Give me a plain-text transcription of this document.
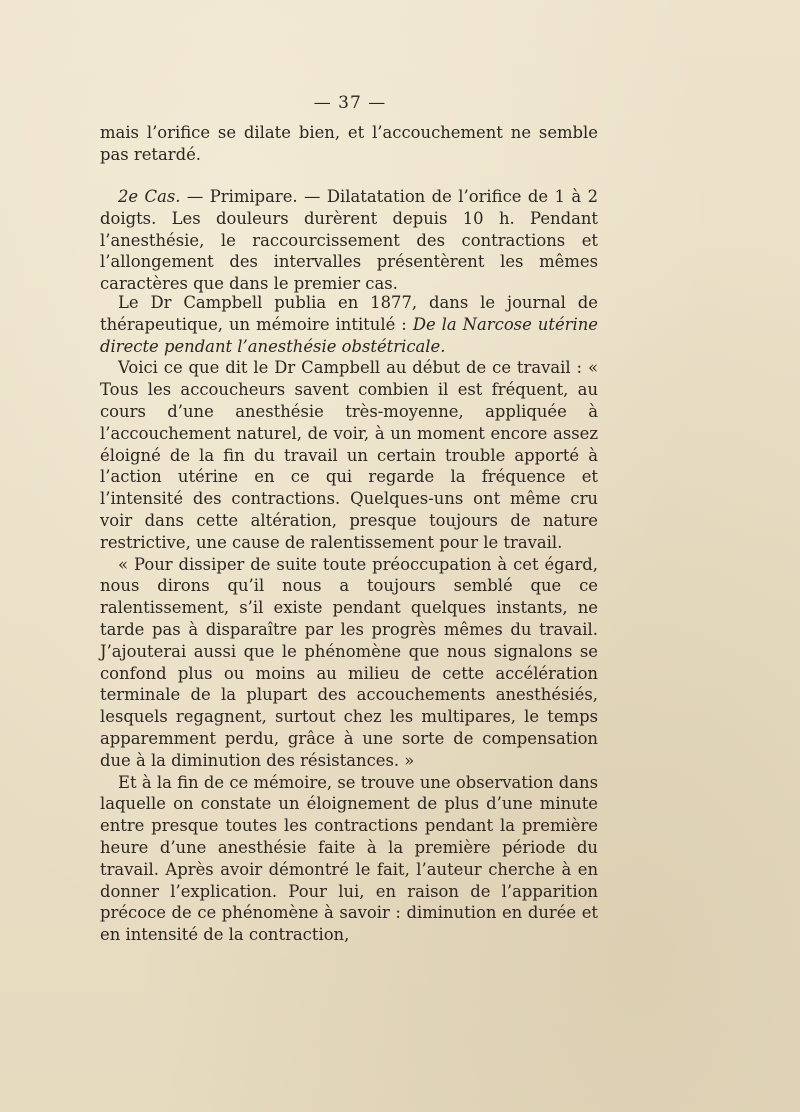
— 37 —

mais l’orifice se dilate bien, et l’accouchement ne semble pas retardé.

2e Cas. — Primipare. — Dilatatation de l’orifice de 1 à 2 doigts. Les douleurs durèrent depuis 10 h. Pendant l’anesthésie, le raccourcissement des contractions et l’allongement des intervalles présentèrent les mêmes caractères que dans le premier cas.

Le Dr Campbell publia en 1877, dans le journal de thérapeutique, un mémoire intitulé : De la Narcose utérine directe pendant l’anesthésie obstétricale.

Voici ce que dit le Dr Campbell au début de ce travail : « Tous les accoucheurs savent combien il est fréquent, au cours d’une anesthésie très-moyenne, appliquée à l’accouchement naturel, de voir, à un moment encore assez éloigné de la fin du travail un certain trouble apporté à l’action utérine en ce qui regarde la fréquence et l’intensité des contractions. Quelques-uns ont même cru voir dans cette altération, presque toujours de nature restrictive, une cause de ralentissement pour le travail.

« Pour dissiper de suite toute préoccupation à cet égard, nous dirons qu’il nous a toujours semblé que ce ralentissement, s’il existe pendant quelques instants, ne tarde pas à disparaître par les progrès mêmes du travail. J’ajouterai aussi que le phénomène que nous signalons se confond plus ou moins au milieu de cette accélération terminale de la plupart des accouchements anesthésiés, lesquels regagnent, surtout chez les multipares, le temps apparemment perdu, grâce à une sorte de compensation due à la diminution des résistances. »

Et à la fin de ce mémoire, se trouve une observation dans laquelle on constate un éloignement de plus d’une minute entre presque toutes les contractions pendant la première heure d’une anesthésie faite à la première période du travail. Après avoir démontré le fait, l’auteur cherche à en donner l’explication. Pour lui, en raison de l’apparition précoce de ce phénomène à savoir : diminution en durée et en intensité de la contraction,
